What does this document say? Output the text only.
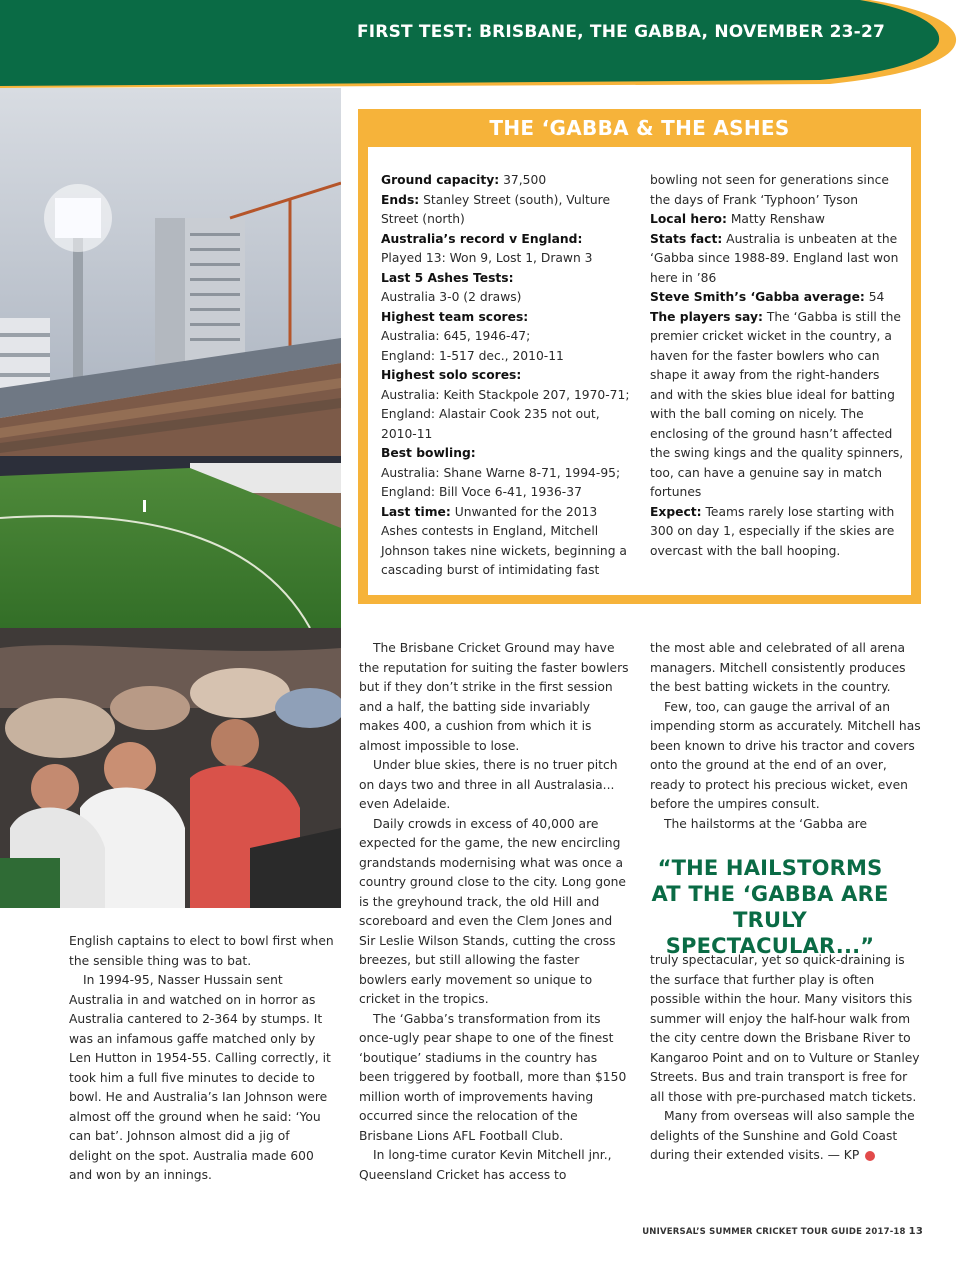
FIRST TEST: BRISBANE, THE GABBA, NOVEMBER 23-27
THE ‘GABBA & THE ASHES

Ground capacity: 37,500

Ends: Stanley Street (south), Vulture Street (north)

Australia’s record v England:

Played 13: Won 9, Lost 1, Drawn 3

Last 5 Ashes Tests:

Australia 3-0 (2 draws)

Highest team scores:

Australia: 645, 1946-47;

England: 1-517 dec., 2010-11

Highest solo scores:

Australia: Keith Stackpole 207, 1970-71; England: Alastair Cook 235 not out, 2010-11

Best bowling:

Australia: Shane Warne 8-71, 1994-95; England: Bill Voce 6-41, 1936-37

Last time: Unwanted for the 2013 Ashes contests in England, Mitchell Johnson takes nine wickets, beginning a cascading burst of intimidating fast

bowling not seen for generations since the days of Frank ‘Typhoon’ Tyson

Local hero: Matty Renshaw

Stats fact: Australia is unbeaten at the ‘Gabba since 1988-89. England last won here in ’86

Steve Smith’s ‘Gabba average: 54

The players say: The ‘Gabba is still the premier cricket wicket in the country, a haven for the faster bowlers who can shape it away from the right-handers and with the skies blue ideal for batting with the ball coming on nicely. The enclosing of the ground hasn’t affected the swing kings and the quality spinners, too, can have a genuine say in match fortunes

Expect: Teams rarely lose starting with 300 on day 1, especially if the skies are overcast with the ball hooping.

English captains to elect to bowl first when the sensible thing was to bat.

In 1994-95, Nasser Hussain sent Australia in and watched on in horror as Australia cantered to 2-364 by stumps. It was an infamous gaffe matched only by Len Hutton in 1954-55. Calling correctly, it took him a full five minutes to decide to bowl. He and Australia’s Ian Johnson were almost off the ground when he said: ‘You can bat’. Johnson almost did a jig of delight on the spot. Australia made 600 and won by an innings.

The Brisbane Cricket Ground may have the reputation for suiting the faster bowlers but if they don’t strike in the first session and a half, the batting side invariably makes 400, a cushion from which it is almost impossible to lose.

Under blue skies, there is no truer pitch on days two and three in all Australasia... even Adelaide.

Daily crowds in excess of 40,000 are expected for the game, the new encircling grandstands modernising what was once a country ground close to the city. Long gone is the greyhound track, the old Hill and scoreboard and even the Clem Jones and Sir Leslie Wilson Stands, cutting the cross breezes, but still allowing the faster bowlers early movement so unique to cricket in the tropics.

The ‘Gabba’s transformation from its once-ugly pear shape to one of the finest ‘boutique’ stadiums in the country has been triggered by football, more than $150 million worth of improvements having occurred since the relocation of the Brisbane Lions AFL Football Club.

In long-time curator Kevin Mitchell jnr., Queensland Cricket has access to

the most able and celebrated of all arena managers. Mitchell consistently produces the best batting wickets in the country.

Few, too, can gauge the arrival of an impending storm as accurately. Mitchell has been known to drive his tractor and covers onto the ground at the end of an over, ready to protect his precious wicket, even before the umpires consult.

The hailstorms at the ‘Gabba are

“THE HAILSTORMS AT THE ‘GABBA ARE TRULY SPECTACULAR...”

truly spectacular, yet so quick-draining is the surface that further play is often possible within the hour. Many visitors this summer will enjoy the half-hour walk from the city centre down the Brisbane River to Kangaroo Point and on to Vulture or Stanley Streets. Bus and train transport is free for all those with pre-purchased match tickets.

Many from overseas will also sample the delights of the Sunshine and Gold Coast during their extended visits. — KP

UNIVERSAL’S SUMMER CRICKET TOUR GUIDE 2017-18 13
